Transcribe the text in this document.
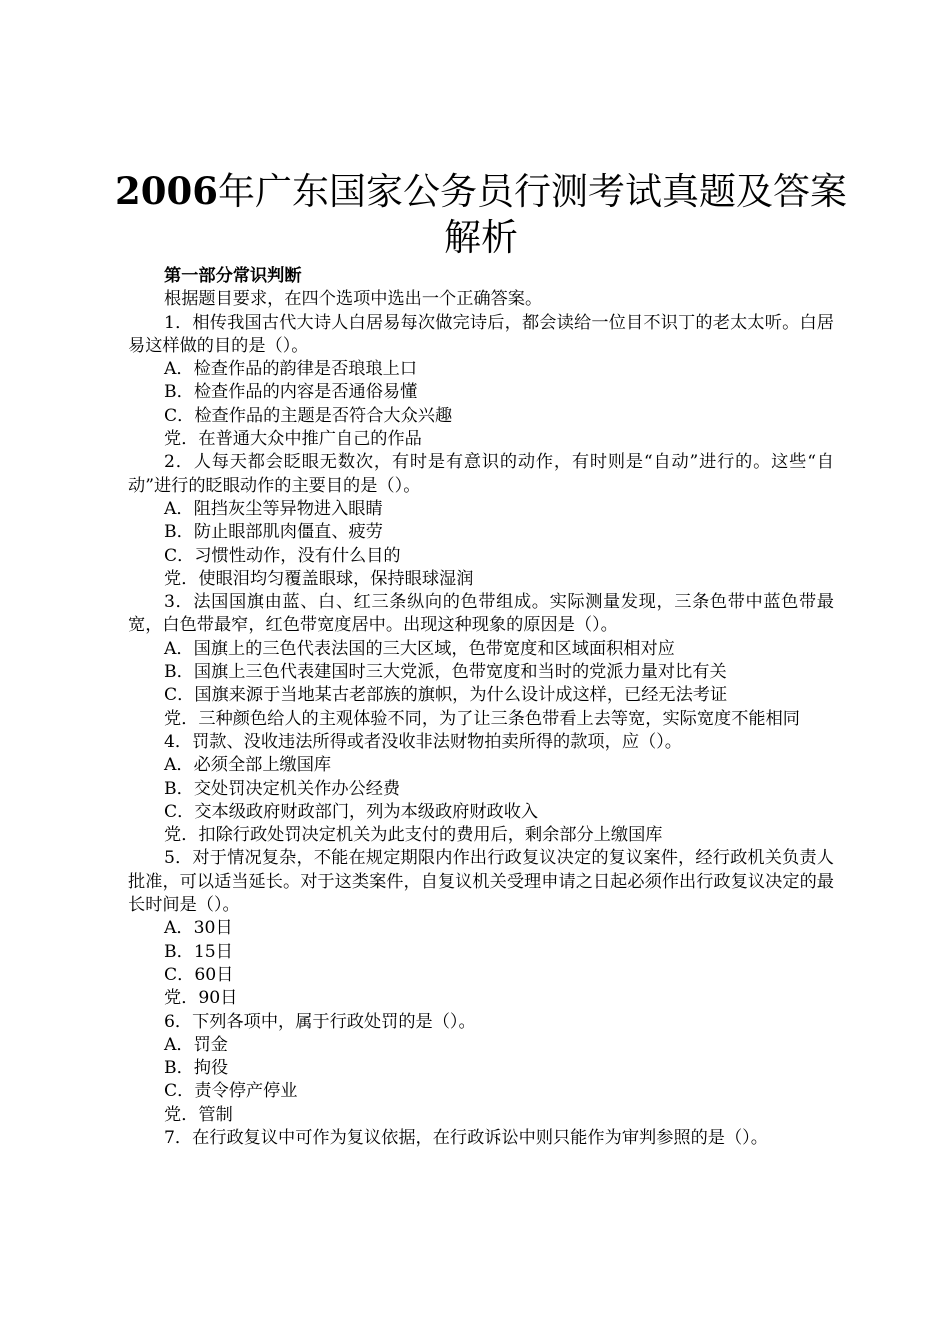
2006年广东国家公务员行测考试真题及答案
解析
第一部分常识判断
根据题目要求，在四个选项中选出一个正确答案。
1．相传我国古代大诗人白居易每次做完诗后，都会读给一位目不识丁的老太太听。白居易这样做的目的是（）。
A．检查作品的韵律是否琅琅上口
B．检查作品的内容是否通俗易懂
C．检查作品的主题是否符合大众兴趣
党．在普通大众中推广自己的作品
2．人每天都会眨眼无数次，有时是有意识的动作，有时则是“自动”进行的。这些“自动”进行的眨眼动作的主要目的是（）。
A．阻挡灰尘等异物进入眼睛
B．防止眼部肌肉僵直、疲劳
C．习惯性动作，没有什么目的
党．使眼泪均匀覆盖眼球，保持眼球湿润
3．法国国旗由蓝、白、红三条纵向的色带组成。实际测量发现，三条色带中蓝色带最宽，白色带最窄，红色带宽度居中。出现这种现象的原因是（）。
A．国旗上的三色代表法国的三大区域，色带宽度和区域面积相对应
B．国旗上三色代表建国时三大党派，色带宽度和当时的党派力量对比有关
C．国旗来源于当地某古老部族的旗帜，为什么设计成这样，已经无法考证
党．三种颜色给人的主观体验不同，为了让三条色带看上去等宽，实际宽度不能相同
4．罚款、没收违法所得或者没收非法财物拍卖所得的款项，应（）。
A．必须全部上缴国库
B．交处罚决定机关作办公经费
C．交本级政府财政部门，列为本级政府财政收入
党．扣除行政处罚决定机关为此支付的费用后，剩余部分上缴国库
5．对于情况复杂，不能在规定期限内作出行政复议决定的复议案件，经行政机关负责人批准，可以适当延长。对于这类案件，自复议机关受理申请之日起必须作出行政复议决定的最长时间是（）。
A．30日
B．15日
C．60日
党．90日
6．下列各项中，属于行政处罚的是（）。
A．罚金
B．拘役
C．责令停产停业
党．管制
7．在行政复议中可作为复议依据，在行政诉讼中则只能作为审判参照的是（）。
